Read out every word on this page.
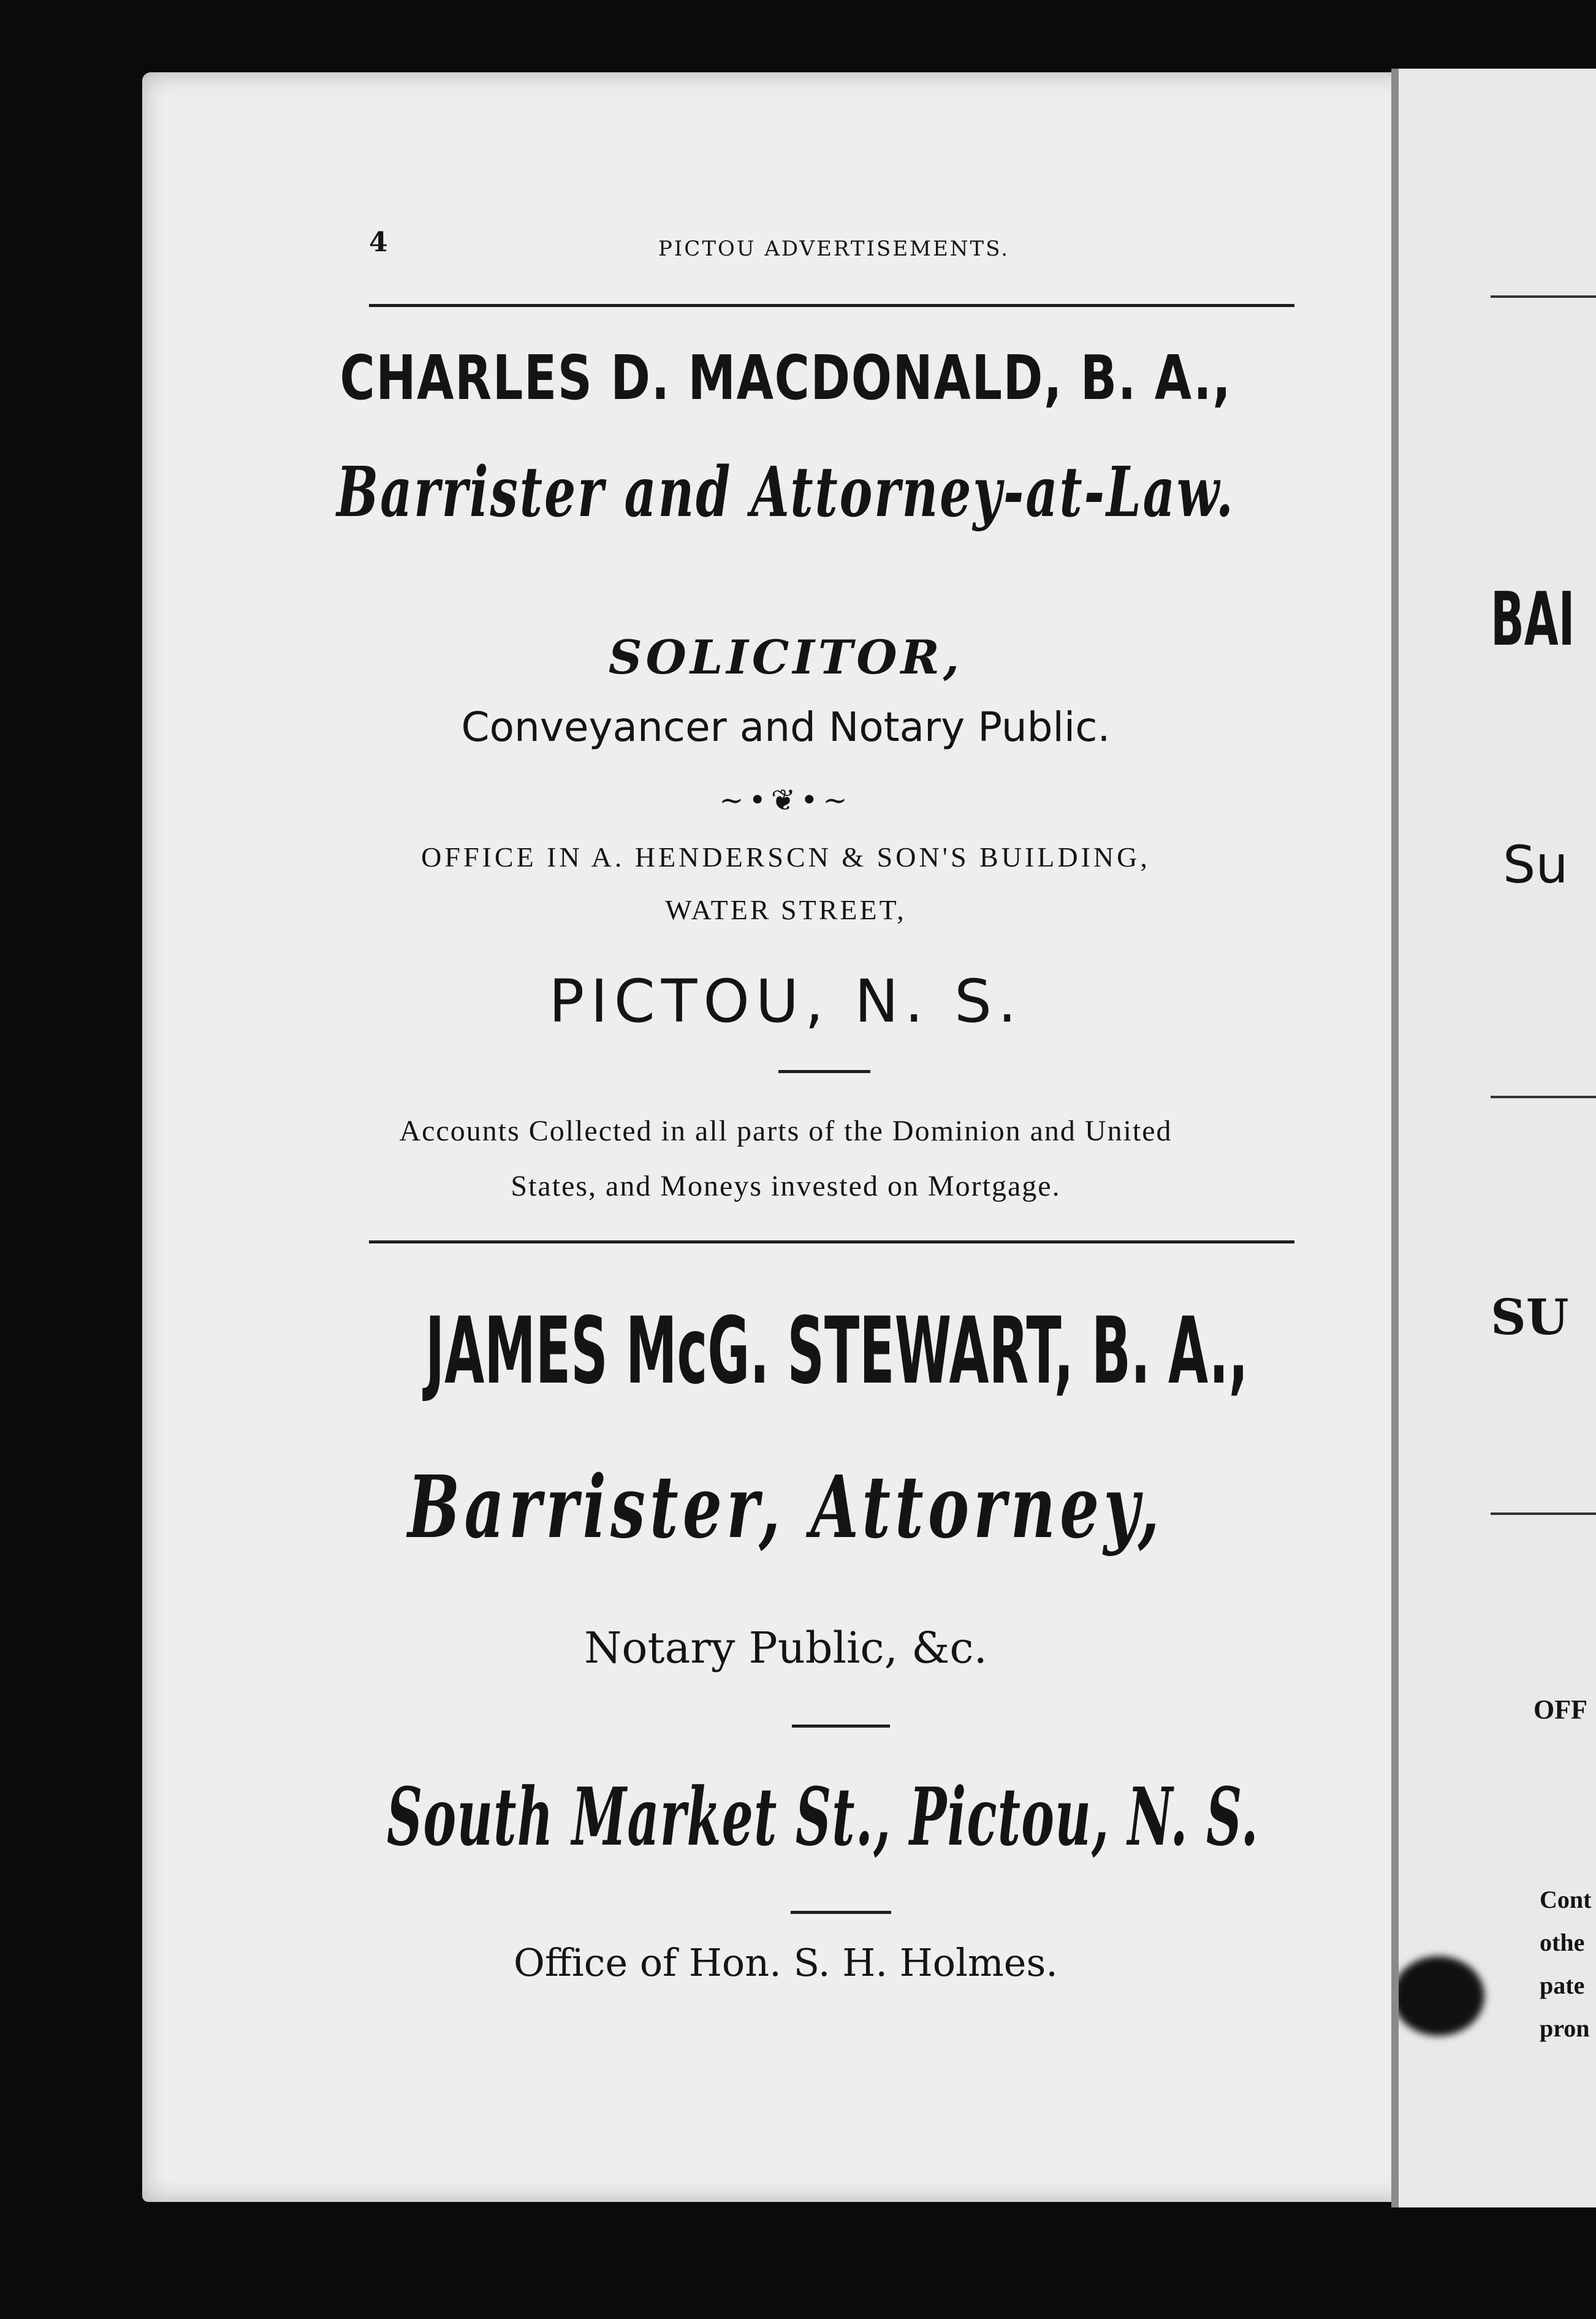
4	PICTOU ADVERTISEMENTS.
CHARLES D. MACDONALD, B. A.,
Barrister and Attorney-at-Law.
SOLICITOR,
Conveyancer and Notary Public.
~•❦•~
OFFICE IN A. HENDERSCN & SON'S BUILDING,
WATER STREET,
PICTOU, N. S.
Accounts Collected in all parts of the Dominion and United
States, and Moneys invested on Mortgage.
JAMES McG. STEWART, B. A.,
Barrister, Attorney,
Notary Public, &c.
South Market St., Pictou, N. S.
Office of Hon. S. H. Holmes.
BAI
Su
SU
OFF
Cont
othe
pate
pron
